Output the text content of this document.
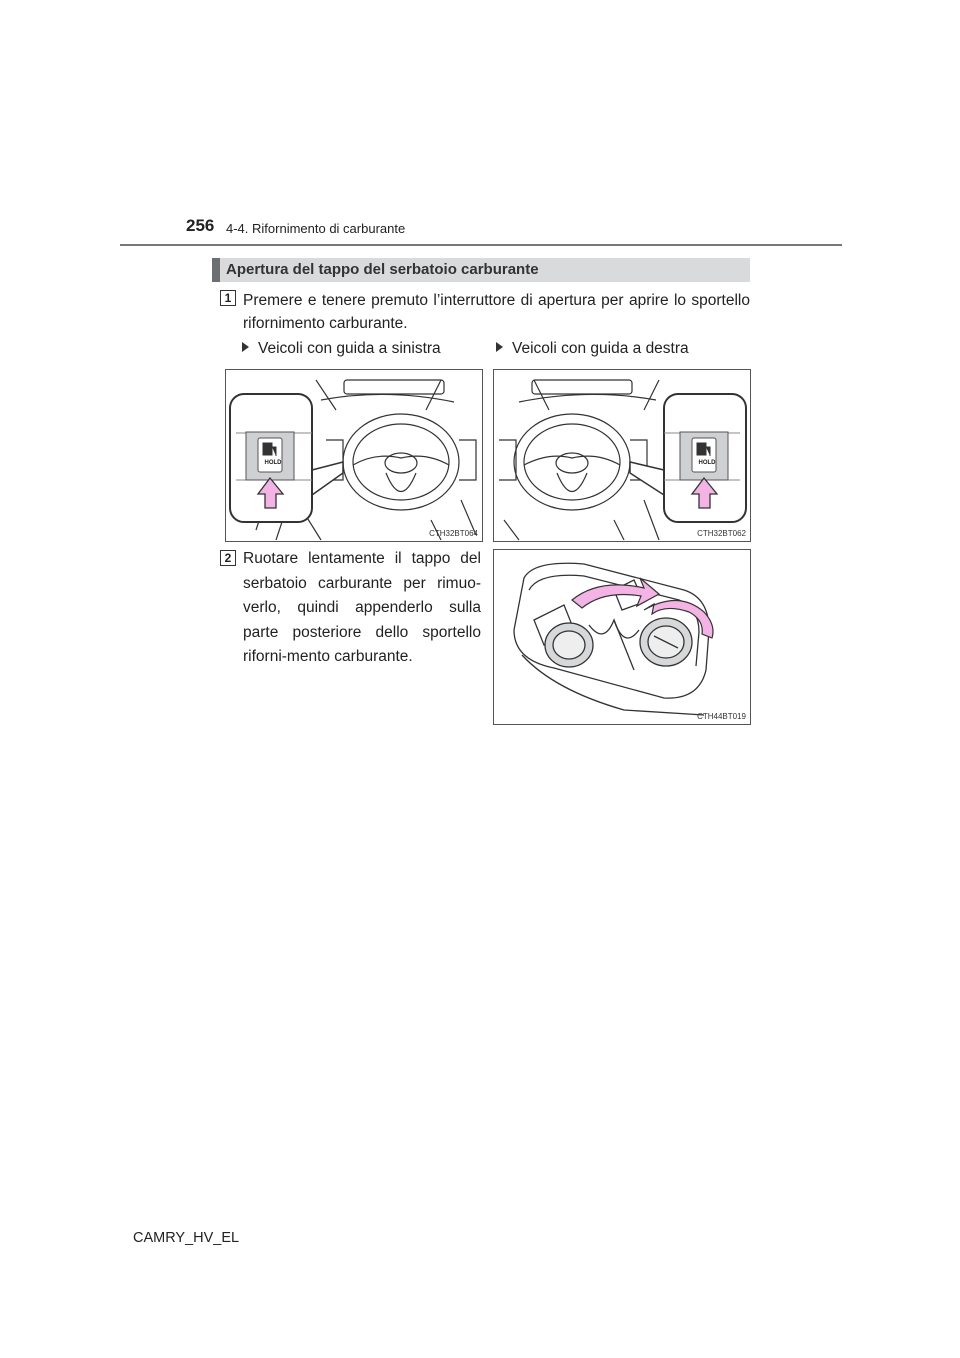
256 4-4. Rifornimento di carburante
Apertura del tappo del serbatoio carburante
1 Premere e tenere premuto l’interruttore di apertura per aprire lo sportello rifornimento carburante.
Veicoli con guida a sinistra	Veicoli con guida a destra
HOLD
CTH32BT064
HOLD
CTH32BT062
2 Ruotare lentamente il tappo del serbatoio carburante per rimuo-verlo, quindi appenderlo sulla parte posteriore dello sportello riforni-mento carburante.
CTH44BT019
CAMRY_HV_EL
